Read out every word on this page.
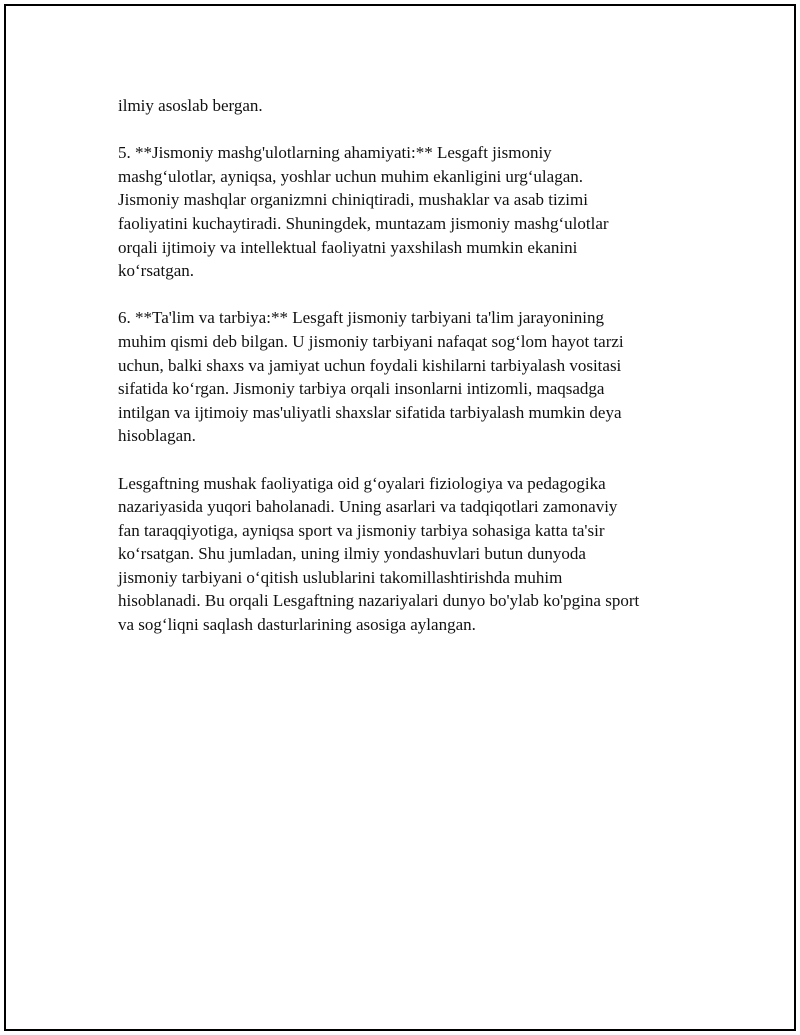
ilmiy asoslab bergan.

5. **Jismoniy mashg'ulotlarning ahamiyati:** Lesgaft jismoniy
mashg‘ulotlar, ayniqsa, yoshlar uchun muhim ekanligini urg‘ulagan.
Jismoniy mashqlar organizmni chiniqtiradi, mushaklar va asab tizimi
faoliyatini kuchaytiradi. Shuningdek, muntazam jismoniy mashg‘ulotlar
orqali ijtimoiy va intellektual faoliyatni yaxshilash mumkin ekanini
ko‘rsatgan.

6. **Ta'lim va tarbiya:** Lesgaft jismoniy tarbiyani ta'lim jarayonining
muhim qismi deb bilgan. U jismoniy tarbiyani nafaqat sog‘lom hayot tarzi
uchun, balki shaxs va jamiyat uchun foydali kishilarni tarbiyalash vositasi
sifatida ko‘rgan. Jismoniy tarbiya orqali insonlarni intizomli, maqsadga
intilgan va ijtimoiy mas'uliyatli shaxslar sifatida tarbiyalash mumkin deya
hisoblagan.

Lesgaftning mushak faoliyatiga oid g‘oyalari fiziologiya va pedagogika
nazariyasida yuqori baholanadi. Uning asarlari va tadqiqotlari zamonaviy
fan taraqqiyotiga, ayniqsa sport va jismoniy tarbiya sohasiga katta ta'sir
ko‘rsatgan. Shu jumladan, uning ilmiy yondashuvlari butun dunyoda
jismoniy tarbiyani o‘qitish uslublarini takomillashtirishda muhim
hisoblanadi. Bu orqali Lesgaftning nazariyalari dunyo bo'ylab ko'pgina sport
va sog‘liqni saqlash dasturlarining asosiga aylangan.
